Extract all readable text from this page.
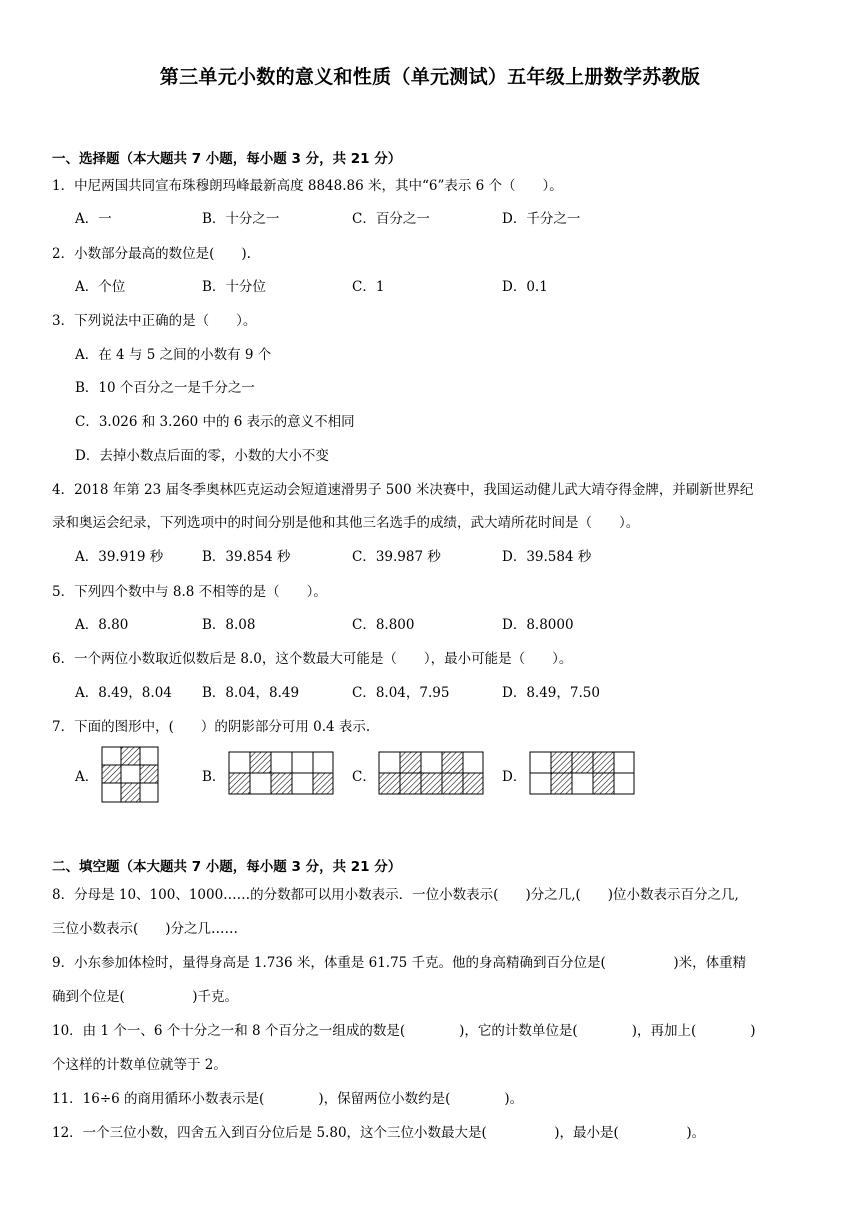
第三单元小数的意义和性质（单元测试）五年级上册数学苏教版
一、选择题（本大题共 7 小题，每小题 3 分，共 21 分）
1．中尼两国共同宣布珠穆朗玛峰最新高度 8848.86 米，其中“6”表示 6 个（　　）。
A．一	B．十分之一	C．百分之一	D．千分之一
2．小数部分最高的数位是(　　).
A．个位	B．十分位	C．1	D．0.1
3．下列说法中正确的是（　　）。
A．在 4 与 5 之间的小数有 9 个
B．10 个百分之一是千分之一
C．3.026 和 3.260 中的 6 表示的意义不相同
D．去掉小数点后面的零，小数的大小不变
4．2018 年第 23 届冬季奥林匹克运动会短道速滑男子 500 米决赛中，我国运动健儿武大靖夺得金牌，并刷新世界纪
录和奥运会纪录，下列选项中的时间分别是他和其他三名选手的成绩，武大靖所花时间是（　　）。
A．39.919 秒	B．39.854 秒	C．39.987 秒	D．39.584 秒
5．下列四个数中与 8.8 不相等的是（　　）。
A．8.80	B．8.08	C．8.800	D．8.8000
6．一个两位小数取近似数后是 8.0，这个数最大可能是（　　），最小可能是（　　）。
A．8.49，8.04 B．8.04，8.49	C．8.04，7.95	D．8.49，7.50
7．下面的图形中，(　　）的阴影部分可用 0.4 表示.
A．	B．	C．	D．
二、填空题（本大题共 7 小题，每小题 3 分，共 21 分）
8．分母是 10、100、1000……的分数都可以用小数表示．一位小数表示(　　)分之几,(　　)位小数表示百分之几,
三位小数表示(　　)分之几……
9．小东参加体检时，量得身高是 1.736 米，体重是 61.75 千克。他的身高精确到百分位是(　　　　　)米，体重精
确到个位是(　　　　　)千克。
10．由 1 个一、6 个十分之一和 8 个百分之一组成的数是(　　　　)，它的计数单位是(　　　　)，再加上(　　　　)
个这样的计数单位就等于 2。
11．16÷6 的商用循环小数表示是(　　　　)，保留两位小数约是(　　　　)。
12．一个三位小数，四舍五入到百分位后是 5.80，这个三位小数最大是(　　　　　)，最小是(　　　　　)。
